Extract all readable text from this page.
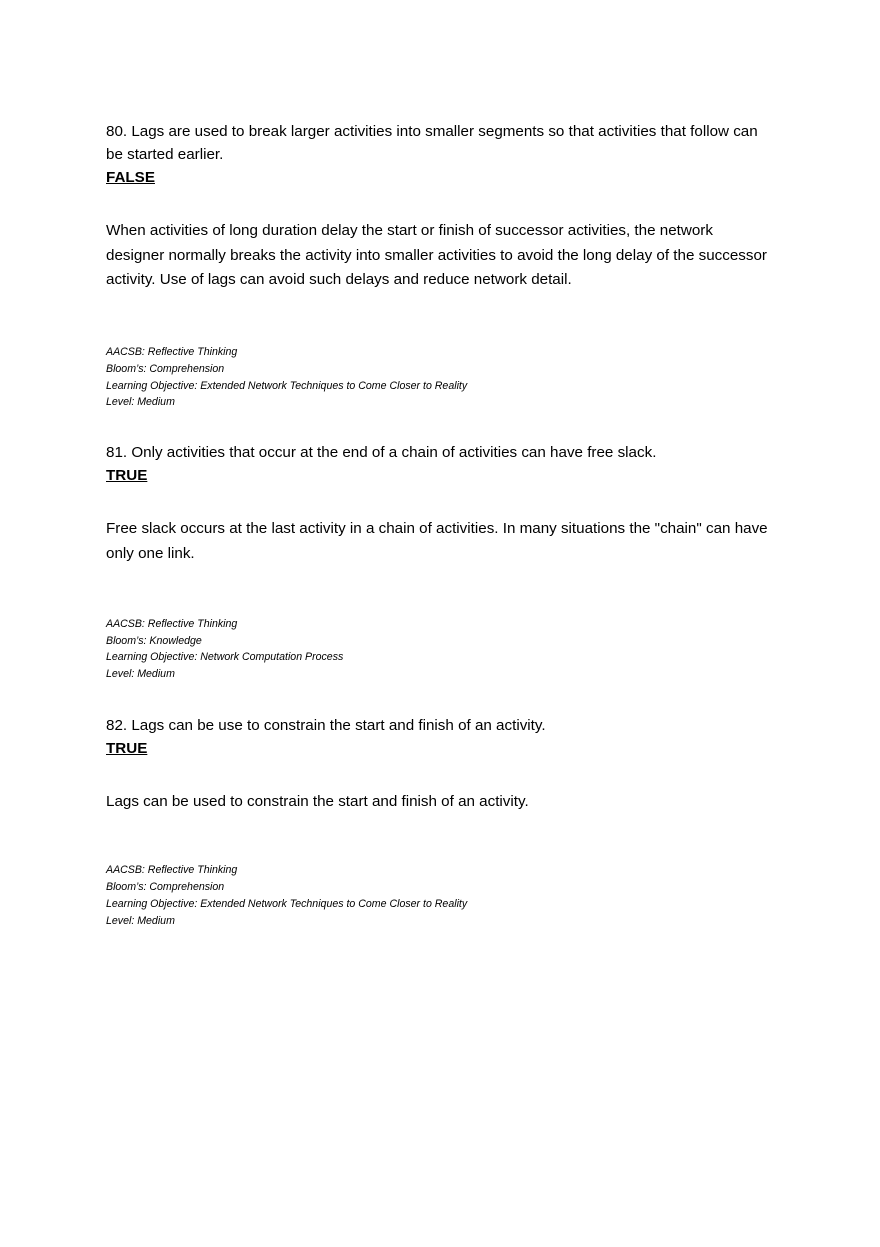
80. Lags are used to break larger activities into smaller segments so that activities that follow can be started earlier.

FALSE

When activities of long duration delay the start or finish of successor activities, the network designer normally breaks the activity into smaller activities to avoid the long delay of the successor activity. Use of lags can avoid such delays and reduce network detail.

AACSB: Reflective Thinking
Bloom’s: Comprehension
Learning Objective: Extended Network Techniques to Come Closer to Reality
Level: Medium

81. Only activities that occur at the end of a chain of activities can have free slack.

TRUE

Free slack occurs at the last activity in a chain of activities. In many situations the "chain" can have only one link.

AACSB: Reflective Thinking
Bloom’s: Knowledge
Learning Objective: Network Computation Process
Level: Medium

82. Lags can be use to constrain the start and finish of an activity.

TRUE

Lags can be used to constrain the start and finish of an activity.

AACSB: Reflective Thinking
Bloom’s: Comprehension
Learning Objective: Extended Network Techniques to Come Closer to Reality
Level: Medium
